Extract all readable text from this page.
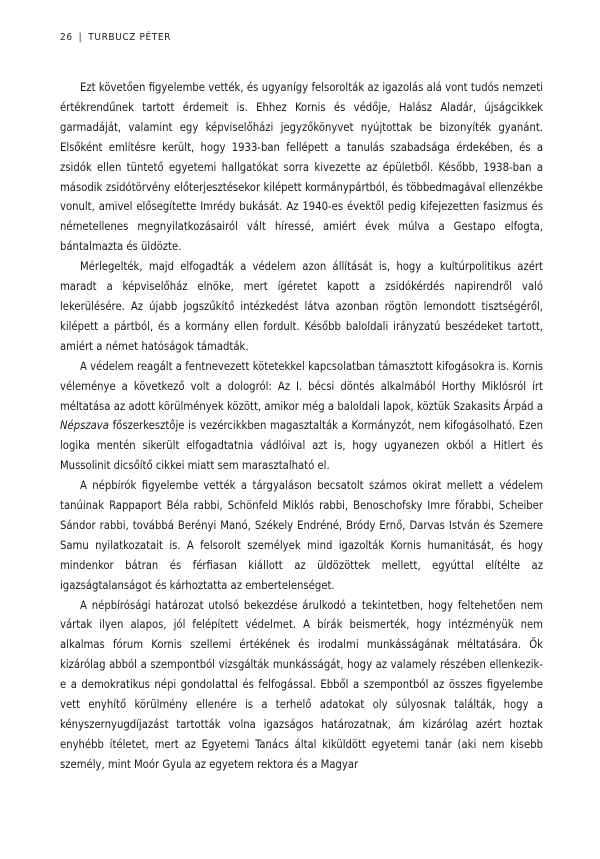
26 | TURBUCZ PÉTER

Ezt követően figyelembe vették, és ugyanígy felsorolták az igazolás alá vont tudós nemzeti értékrendűnek tartott érdemeit is. Ehhez Kornis és védője, Halász Aladár, újságcikkek garmadáját, valamint egy képviselőházi jegyzőkönyvet nyújtottak be bizonyíték gyanánt. Elsőként említésre került, hogy 1933-ban fellépett a tanulás szabadsága érdekében, és a zsidók ellen tüntető egyetemi hallgatókat sorra kivezette az épületből. Később, 1938-ban a második zsidótörvény előterjesztésekor kilépett kormánypártból, és többedmagával ellenzékbe vonult, amivel elősegítette Imrédy bukását. Az 1940-es évektől pedig kifejezetten fasizmus és németellenes megnyilatkozásairól vált híressé, amiért évek múlva a Gestapo elfogta, bántalmazta és üldözte.

Mérlegelték, majd elfogadták a védelem azon állítását is, hogy a kultúrpolitikus azért maradt a képviselőház elnöke, mert ígéretet kapott a zsidókérdés napirendről való lekerülésére. Az újabb jogszűkítő intézkedést látva azonban rögtön lemondott tisztségéről, kilépett a pártból, és a kormány ellen fordult. Később baloldali irányzatú beszédeket tartott, amiért a német hatóságok támadták.

A védelem reagált a fentnevezett kötetekkel kapcsolatban támasztott kifogásokra is. Kornis véleménye a következő volt a dologról: Az I. bécsi döntés alkalmából Horthy Miklósról írt méltatása az adott körülmények között, amikor még a baloldali lapok, köztük Szakasits Árpád a Népszava főszerkesztője is vezércikkben magasztalták a Kormányzót, nem kifogásolható. Ezen logika mentén sikerült elfogadtatnia vádlóival azt is, hogy ugyanezen okból a Hitlert és Mussolinit dicsőítő cikkei miatt sem marasztalható el.

A népbírók figyelembe vették a tárgyaláson becsatolt számos okirat mellett a védelem tanúinak Rappaport Béla rabbi, Schönfeld Miklós rabbi, Benoschofsky Imre főrabbi, Scheiber Sándor rabbi, továbbá Berényi Manó, Székely Endréné, Bródy Ernő, Darvas István és Szemere Samu nyilatkozatait is. A felsorolt személyek mind igazolták Kornis humanitását, és hogy mindenkor bátran és férfiasan kiállott az üldözöttek mellett, egyúttal elítélte az igazságtalanságot és kárhoztatta az embertelenséget.

A népbírósági határozat utolsó bekezdése árulkodó a tekintetben, hogy feltehetően nem vártak ilyen alapos, jól felépített védelmet. A bírák beismerték, hogy intézményük nem alkalmas fórum Kornis szellemi értékének és irodalmi munkásságának méltatására. Ők kizárólag abból a szempontból vizsgálták munkásságát, hogy az valamely részében ellenkezik-e a demokratikus népi gondolattal és felfogással. Ebből a szempontból az összes figyelembe vett enyhítő körülmény ellenére is a terhelő adatokat oly súlyosnak találták, hogy a kényszernyugdíjazást tartották volna igazságos határozatnak, ám kizárólag azért hoztak enyhébb ítéletet, mert az Egyetemi Tanács által kiküldött egyetemi tanár (aki nem kisebb személy, mint Moór Gyula az egyetem rektora és a Magyar
